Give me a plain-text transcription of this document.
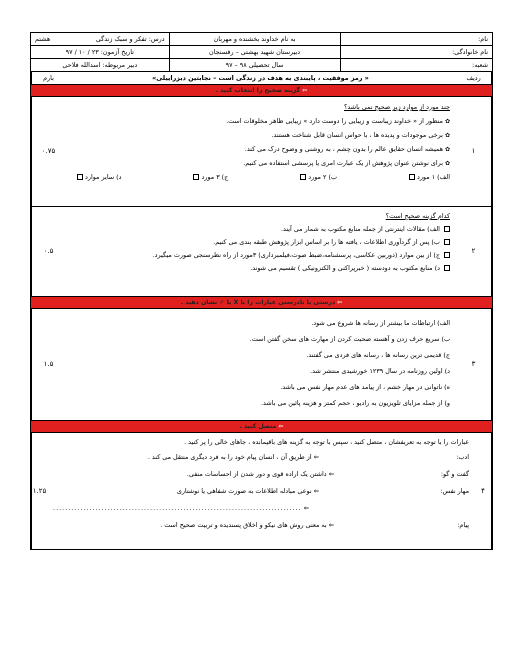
نام:	به نام خداوند بخشنده و مهربان	درس: تفکر و سبک زندگی
هشتم

نام خانوادگی:	دبیرستان شهید بهشتی – رفسنجان	تاریخ آزمون: ۲۳ / ۱۰ / ۹۷
شعبه:	سال تحصیلی ۹۸ – ۹۷	دبیر مربوطه: اسدالله فلاحی
ردیف
« رمز موفقیت ، پایبندی به هدف در زندگی است – نجابتین دیزراییلی»
بارم
⇦ گزینه صحیح را انتخاب کنید .
۱
چند مورد از موارد زیر صحیح نمی باشد؟
✿منظور از « خداوند زیباست و زیبایی را دوست دارد » زیبایی ظاهر مخلوقات است.
✿برخی موجودات و پدیده ها ، با حواس انسان قابل شناخت هستند.
✿همیشه انسان حقایق عالم را بدون چشم ، به روشنی و وضوح درک می کند.
✿برای نوشتن عنوان پژوهش از یک عبارت امری یا پرسشی استفاده می کنیم.
الف) ۱ مورد
ب) ۲ مورد
ج) ۳ مورد
د) سایر موارد
۰.۷۵
۲
کدام گزینه صحیح است؟
الف) مقالات اینترنتی از جمله منابع مکتوب به شمار می آیند.
ب) پس از گردآوری اطلاعات ، یافته ها را بر اساس ابزار پژوهش طبقه بندی می کنیم.
ج) از بین موارد (دوربین عکاسی، پرسشنامه،ضبط صوت،فیلمبرداری) ۳مورد از راه نظرسنجی صورت میگیرد.
د) منابع مکتوب به دودسته ( خبرپراکنی و الکترونیکی ) تقسیم می شوند.
۰.۵
⇦ درستی یا نادرستی عبارات را با X یا ✓ نشان دهید .
۳
الف) ارتباطات ما بیشتر از رسانه ها شروع می شود.
ب) سریع حرف زدن و آهسته صحبت کردن از مهارت های سخن گفتن است.
ج) قدیمی ترین رسانه ها ، رسانه های فردی می گفتند.
د) اولین روزنامه در سال ۱۲۳۹ خورشیدی منتشر شد.
ه) ناتوانی در مهار خشم ، از پیامد های عدم مهار نفس می باشد.
و) از جمله مزایای تلویزیون به رادیو ، حجم کمتر و هزینه پائین می باشد.
۱.۵
⇦ متصل کنید .
۴
عبارات را با توجه به تعریفشان ، متصل کنید ، سپس با توجه به گزینه های باقیمانده ، جاهای خالی را پر کنید .
ادب:
⇐ از طریق آن ، انسان پیام خود را به فرد دیگری منتقل می کند .
گفت و گو:
⇐ داشتن یک اراده قوی و دور شدن از احساسات منفی.
مهار نفس:
⇐ نوعی مبادله اطلاعات به صورت شفاهی یا نوشتاری
⇐ ..................................................
................................
پیام:
⇐ به معنی روش های نیکو و اخلاق پسندیده و تربیت صحیح است .
۱.۲۵
